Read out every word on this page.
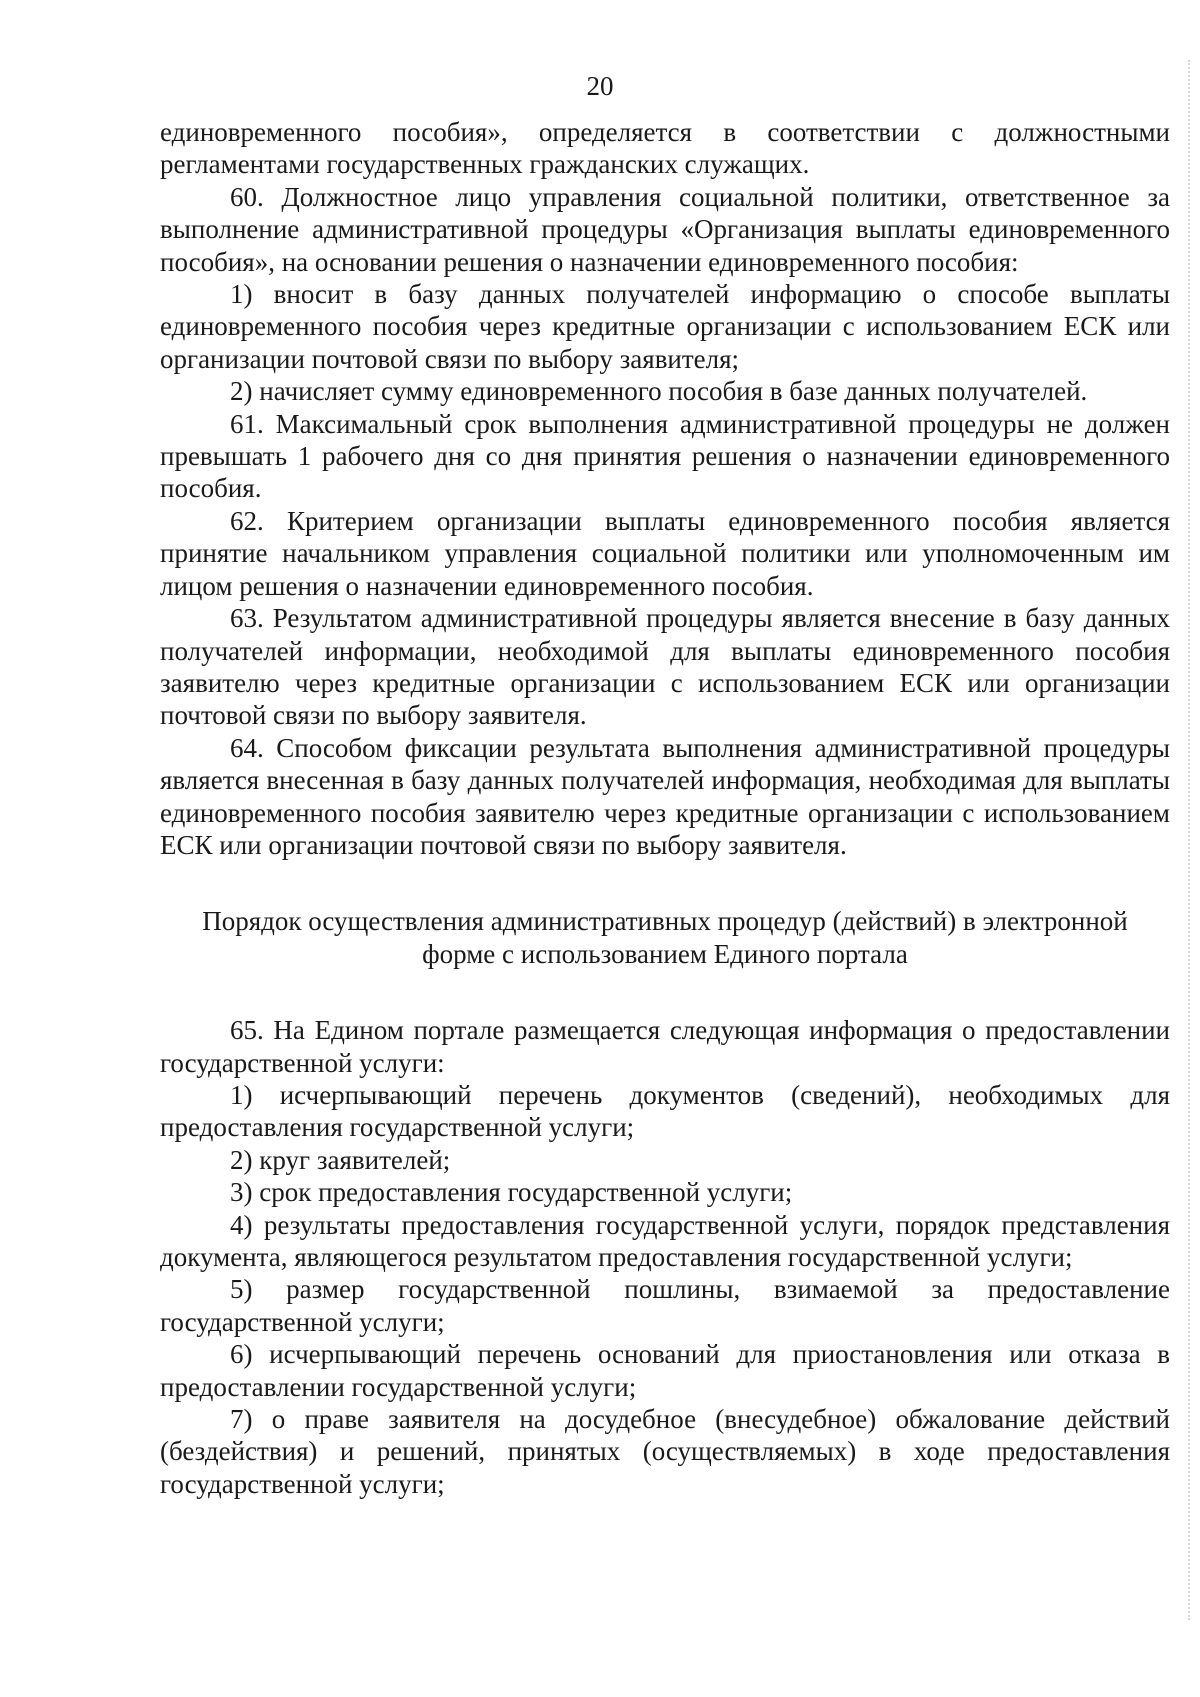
20

единовременного пособия», определяется в соответствии с должностными регламентами государственных гражданских служащих.

60. Должностное лицо управления социальной политики, ответственное за выполнение административной процедуры «Организация выплаты единовременного пособия», на основании решения о назначении единовременного пособия:

1) вносит в базу данных получателей информацию о способе выплаты единовременного пособия через кредитные организации с использованием ЕСК или организации почтовой связи по выбору заявителя;

2) начисляет сумму единовременного пособия в базе данных получателей.

61. Максимальный срок выполнения административной процедуры не должен превышать 1 рабочего дня со дня принятия решения о назначении единовременного пособия.

62. Критерием организации выплаты единовременного пособия является принятие начальником управления социальной политики или уполномоченным им лицом решения о назначении единовременного пособия.

63. Результатом административной процедуры является внесение в базу данных получателей информации, необходимой для выплаты единовременного пособия заявителю через кредитные организации с использованием ЕСК или организации почтовой связи по выбору заявителя.

64. Способом фиксации результата выполнения административной процедуры является внесенная в базу данных получателей информация, необходимая для выплаты единовременного пособия заявителю через кредитные организации с использованием ЕСК или организации почтовой связи по выбору заявителя.

Порядок осуществления административных процедур (действий) в электронной форме с использованием Единого портала

65. На Едином портале размещается следующая информация о предоставлении государственной услуги:

1) исчерпывающий перечень документов (сведений), необходимых для предоставления государственной услуги;

2) круг заявителей;

3) срок предоставления государственной услуги;

4) результаты предоставления государственной услуги, порядок представления документа, являющегося результатом предоставления государственной услуги;

5) размер государственной пошлины, взимаемой за предоставление государственной услуги;

6) исчерпывающий перечень оснований для приостановления или отказа в предоставлении государственной услуги;

7) о праве заявителя на досудебное (внесудебное) обжалование действий (бездействия) и решений, принятых (осуществляемых) в ходе предоставления государственной услуги;
